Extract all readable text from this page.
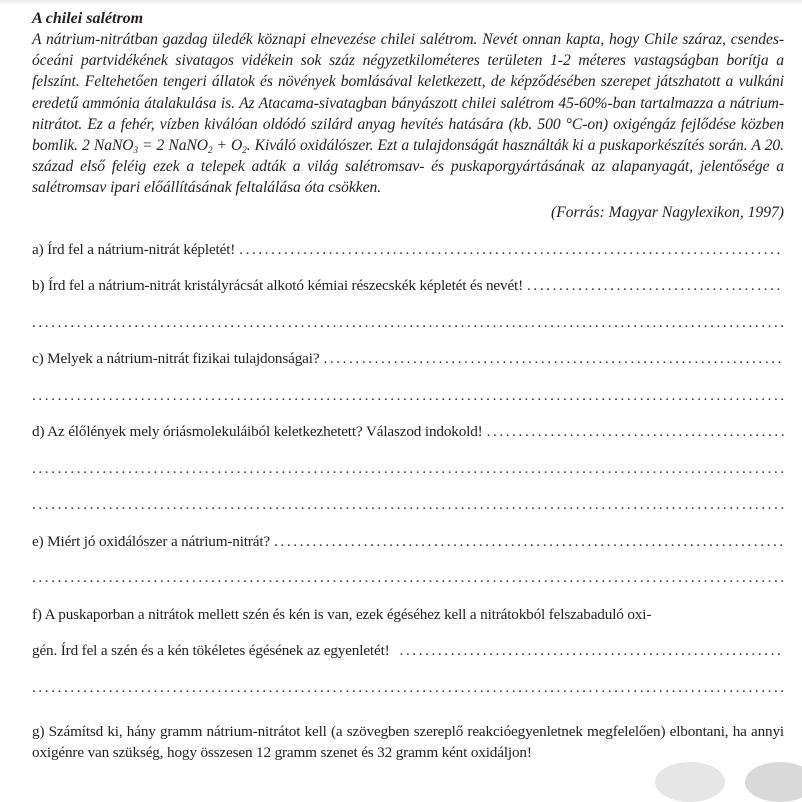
A chilei salétrom

A nátrium-nitrátban gazdag üledék köznapi elnevezése chilei salétrom. Nevét onnan kapta, hogy Chile száraz, csendes-óceáni partvidékének sivatagos vidékein sok száz négyzetkilométeres területen 1-2 méteres vastagságban borítja a felszínt. Feltehetően tengeri állatok és növények bomlásával keletkezett, de képződésében szerepet játszhatott a vulkáni eredetű ammónia átalakulása is. Az Atacama-sivatagban bányászott chilei salétrom 45-60%-ban tartalmazza a nátrium-nitrátot. Ez a fehér, vízben kiválóan oldódó szilárd anyag hevítés hatására (kb. 500 °C-on) oxigéngáz fejlődése közben bomlik. 2 NaNO$_3$ = 2 NaNO$_2$ + $O_2$. Kiváló oxidálószer. Ezt a tulajdonságát használták ki a puskaporkészítés során. A 20. század első feléig ezek a telepek adták a világ salétromsav- és puskaporgyártásának az alapanyagát, jelentősége a salétromsav ipari előállításának feltalálása óta csökken.

(Forrás: Magyar Nagylexikon, 1997)

a) Írd fel a nátrium-nitrát képletét!
.....
b) Írd fel a nátrium-nitrát kristályrácsát alkotó kémiai részecskék képletét és nevét!
.....
.....
c) Melyek a nátrium-nitrát fizikai tulajdonságai?
.....
.....
d) Az élőlények mely óriásmolekuláiból keletkezhetett? Válaszod indokold!
.....
.....
.....
e) Miért jó oxidálószer a nátrium-nitrát?
.....
.....
f) A puskaporban a nitrátok mellett szén és kén is van, ezek égéséhez kell a nitrátokból felszabaduló oxi-
gén. Írd fel a szén és a kén tökéletes égésének az egyenletét!
.....
.....

g) Számítsd ki, hány gramm nátrium-nitrátot kell (a szövegben szereplő reakcióegyenletnek megfelelően) elbontani, ha annyi oxigénre van szükség, hogy összesen 12 gramm szenet és 32 gramm ként oxidáljon!
